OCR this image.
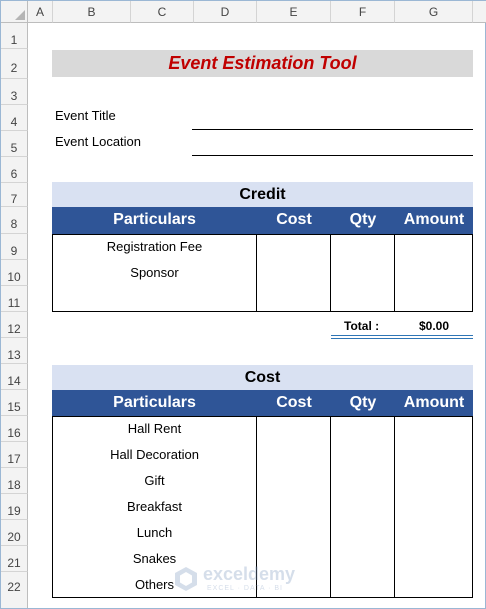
A	B	C	D	E	F	G
1
2
3
4
5
6
7
8
9
10
11
12
13
14
15
16
17
18
19
20
21
22
Event Estimation Tool
Event Title
Event Location
Credit
Particulars	Cost	Qty	Amount
Registration Fee
Sponsor
Total :	$0.00
Cost
Particulars	Cost	Qty	Amount
Hall Rent
Hall Decoration
Gift
Breakfast
Lunch
Snakes
Others
exceldemy
EXCEL · DATA · BI
